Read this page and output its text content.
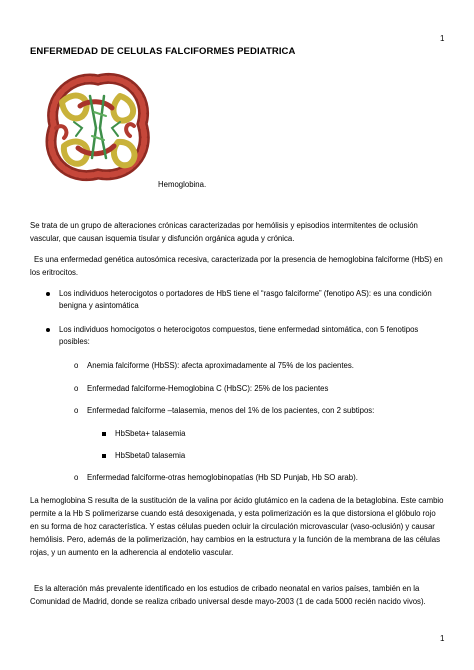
1
ENFERMEDAD DE CELULAS FALCIFORMES PEDIATRICA
Hemoglobina.
Se trata de un grupo de alteraciones crónicas caracterizadas por hemólisis y episodios intermitentes de oclusión vascular, que causan isquemia tisular y disfunción orgánica aguda y crónica.
Es una enfermedad genética autosómica recesiva, caracterizada por la presencia de hemoglobina falciforme (HbS) en los eritrocitos.
Los individuos heterocigotos o portadores de HbS tiene el “rasgo falciforme” (fenotipo AS): es una condición benigna y asintomática
Los individuos homocigotos o heterocigotos compuestos, tiene enfermedad sintomática, con 5 fenotipos posibles:
o Anemia falciforme (HbSS): afecta aproximadamente al 75% de los pacientes.
o Enfermedad falciforme-Hemoglobina C (HbSC): 25% de los pacientes
o Enfermedad falciforme –talasemia, menos del 1% de los pacientes, con 2 subtipos:
HbSbeta+ talasemia
HbSbeta0 talasemia
o Enfermedad falciforme-otras hemoglobinopatías (Hb SD Punjab, Hb SO arab).
La hemoglobina S resulta de la sustitución de la valina por ácido glutámico en la cadena de la betaglobina. Este cambio permite a la Hb S polimerizarse cuando está desoxigenada, y esta polimerización es la que distorsiona el glóbulo rojo en su forma de hoz característica. Y estas células pueden ocluir la circulación microvascular (vaso-oclusión) y causar hemólisis. Pero, además de la polimerización, hay cambios en la estructura y la función de la membrana de las células rojas, y un aumento en la adherencia al endotelio vascular.
Es la alteración más prevalente identificado en los estudios de cribado neonatal en varios países, también en la Comunidad de Madrid, donde se realiza cribado universal desde mayo-2003 (1 de cada 5000 recién nacido vivos).
1
